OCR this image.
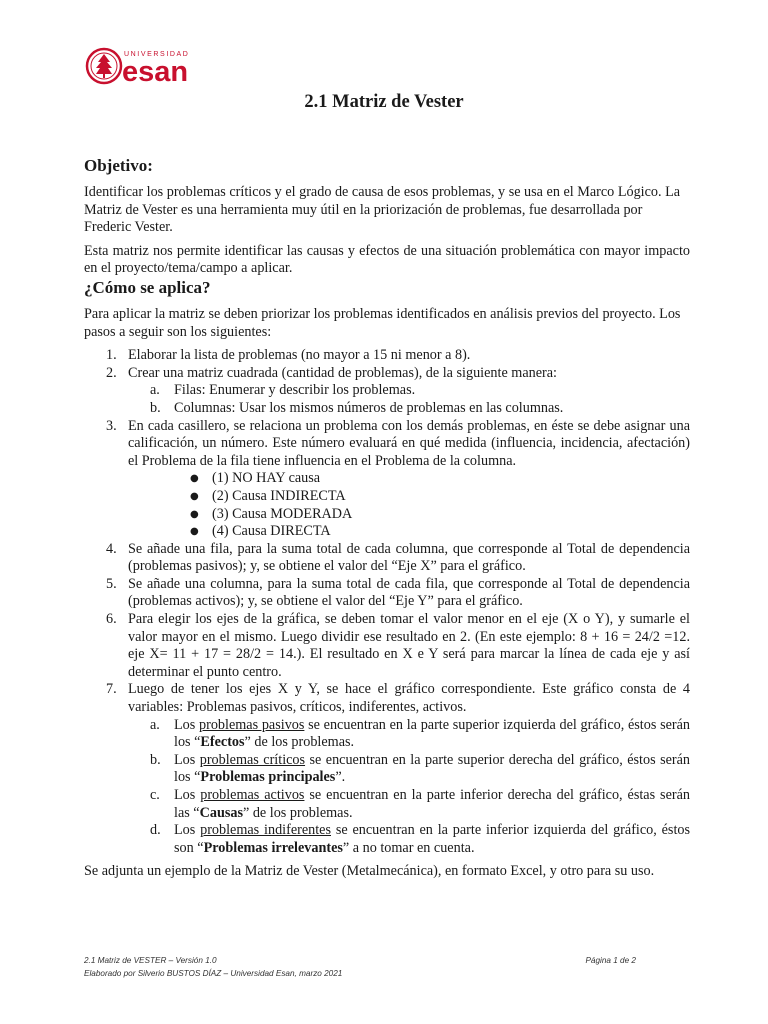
UNIVERSIDAD
esan
2.1 Matriz de Vester
Objetivo:

Identificar los problemas críticos y el grado de causa de esos problemas, y se usa en el Marco Lógico. La Matriz de Vester es una herramienta muy útil en la priorización de problemas, fue desarrollada por Frederic Vester.

Esta matriz nos permite identificar las causas y efectos de una situación problemática con mayor impacto en el proyecto/tema/campo a aplicar.

¿Cómo se aplica?

Para aplicar la matriz se deben priorizar los problemas identificados en análisis previos del proyecto. Los pasos a seguir son los siguientes:

1. Elaborar la lista de problemas (no mayor a 15 ni menor a 8).
2. Crear una matriz cuadrada (cantidad de problemas), de la siguiente manera:
a. Filas: Enumerar y describir los problemas.
b. Columnas: Usar los mismos números de problemas en las columnas.
3. En cada casillero, se relaciona un problema con los demás problemas, en éste se debe asignar una calificación, un número. Este número evaluará en qué medida (influencia, incidencia, afectación) el Problema de la fila tiene influencia en el Problema de la columna.
● (1) NO HAY causa
● (2) Causa INDIRECTA
● (3) Causa MODERADA
● (4) Causa DIRECTA
4. Se añade una fila, para la suma total de cada columna, que corresponde al Total de dependencia (problemas pasivos); y, se obtiene el valor del “Eje X” para el gráfico.
5. Se añade una columna, para la suma total de cada fila, que corresponde al Total de dependencia (problemas activos); y, se obtiene el valor del “Eje Y” para el gráfico.
6. Para elegir los ejes de la gráfica, se deben tomar el valor menor en el eje (X o Y), y sumarle el valor mayor en el mismo. Luego dividir ese resultado en 2. (En este ejemplo: 8 + 16 = 24/2 =12. eje X= 11 + 17 = 28/2 = 14.). El resultado en X e Y será para marcar la línea de cada eje y así determinar el punto centro.
7. Luego de tener los ejes X y Y, se hace el gráfico correspondiente. Este gráfico consta de 4 variables: Problemas pasivos, críticos, indiferentes, activos.
a. Los problemas pasivos se encuentran en la parte superior izquierda del gráfico, éstos serán los “Efectos” de los problemas.
b. Los problemas críticos se encuentran en la parte superior derecha del gráfico, éstos serán los “Problemas principales”.
c. Los problemas activos se encuentran en la parte inferior derecha del gráfico, éstas serán las “Causas” de los problemas.
d. Los problemas indiferentes se encuentran en la parte inferior izquierda del gráfico, éstos son “Problemas irrelevantes” a no tomar en cuenta.

Se adjunta un ejemplo de la Matriz de Vester (Metalmecánica), en formato Excel, y otro para su uso.

2.1 Matriz de VESTER – Versión 1.0	Página 1 de 2
Elaborado por Silverio BUSTOS DÍAZ – Universidad Esan, marzo 2021
